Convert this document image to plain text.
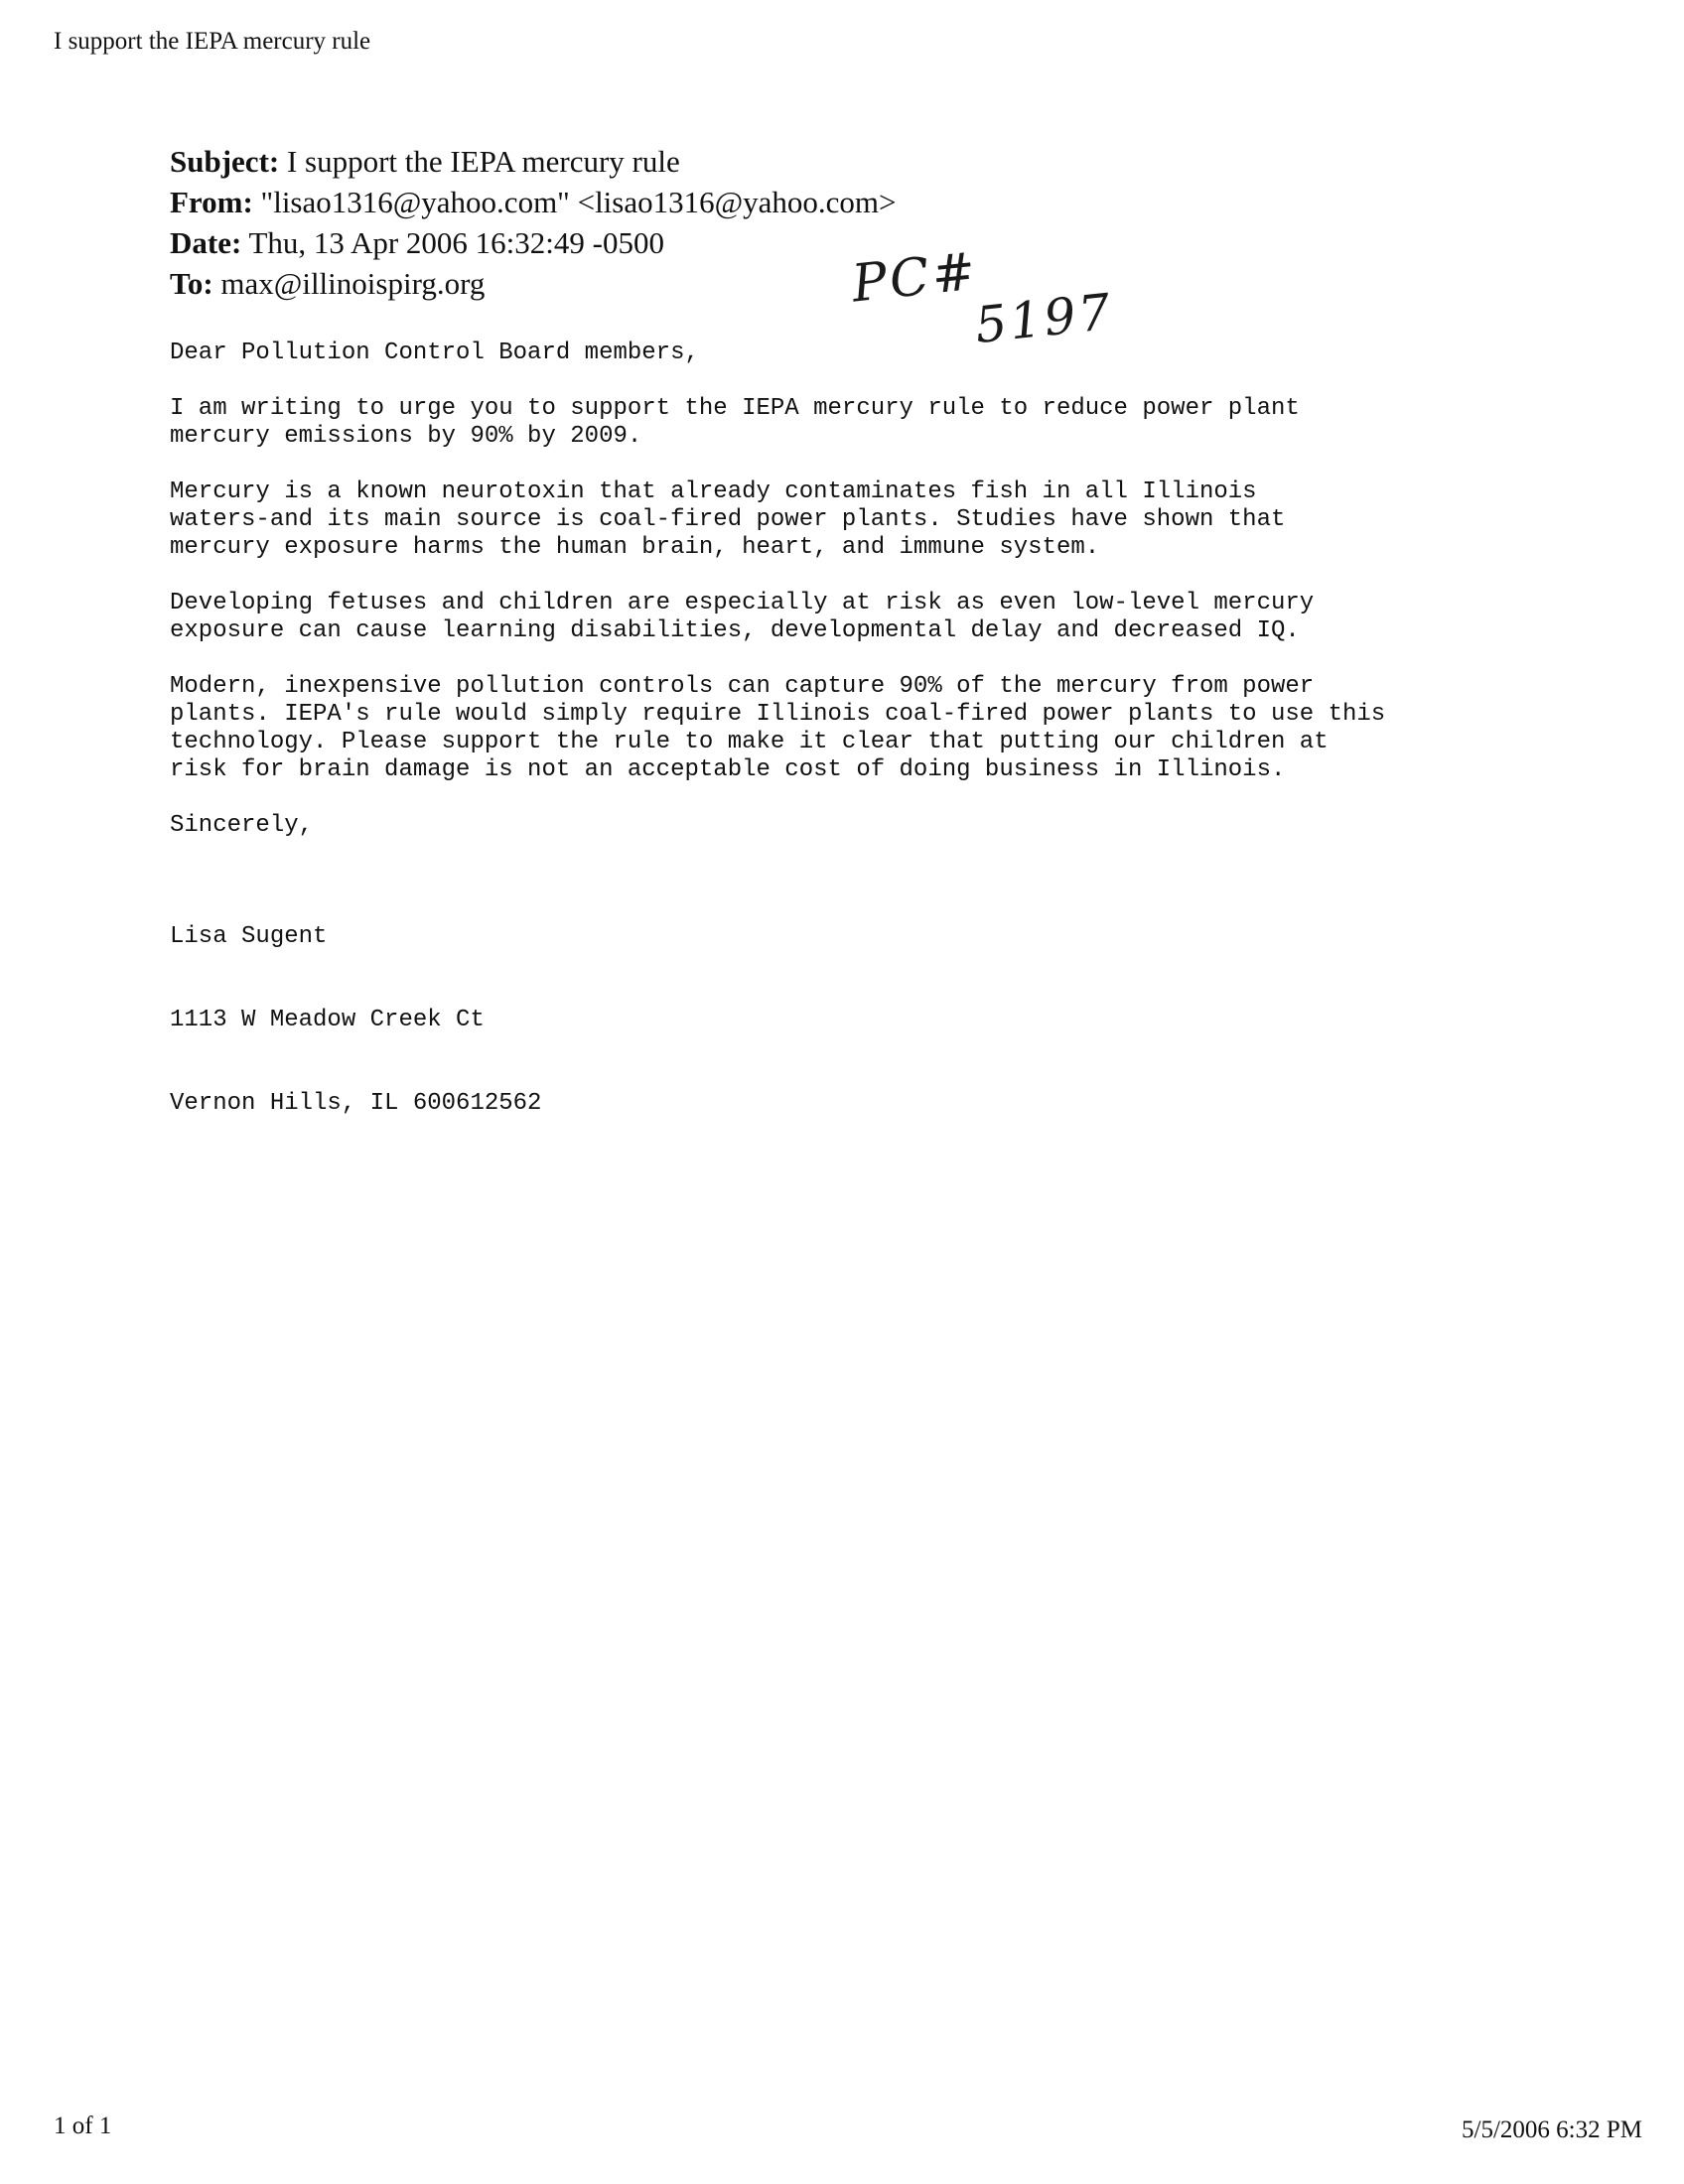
I support the IEPA mercury rule
Subject: I support the IEPA mercury rule
From: "lisao1316@yahoo.com" <lisao1316@yahoo.com>
Date: Thu, 13 Apr 2006 16:32:49 -0500
To: max@illinoispirg.org	PC#
5197

Dear Pollution Control Board members,

I am writing to urge you to support the IEPA mercury rule to reduce power plant
mercury emissions by 90% by 2009.

Mercury is a known neurotoxin that already contaminates fish in all Illinois
waters-and its main source is coal-fired power plants. Studies have shown that
mercury exposure harms the human brain, heart, and immune system.

Developing fetuses and children are especially at risk as even low-level mercury
exposure can cause learning disabilities, developmental delay and decreased IQ.

Modern, inexpensive pollution controls can capture 90% of the mercury from power
plants. IEPA's rule would simply require Illinois coal-fired power plants to use this
technology. Please support the rule to make it clear that putting our children at
risk for brain damage is not an acceptable cost of doing business in Illinois.

Sincerely,

Lisa Sugent

1113 W Meadow Creek Ct

Vernon Hills, IL 600612562

1 of 1	5/5/2006 6:32 PM
